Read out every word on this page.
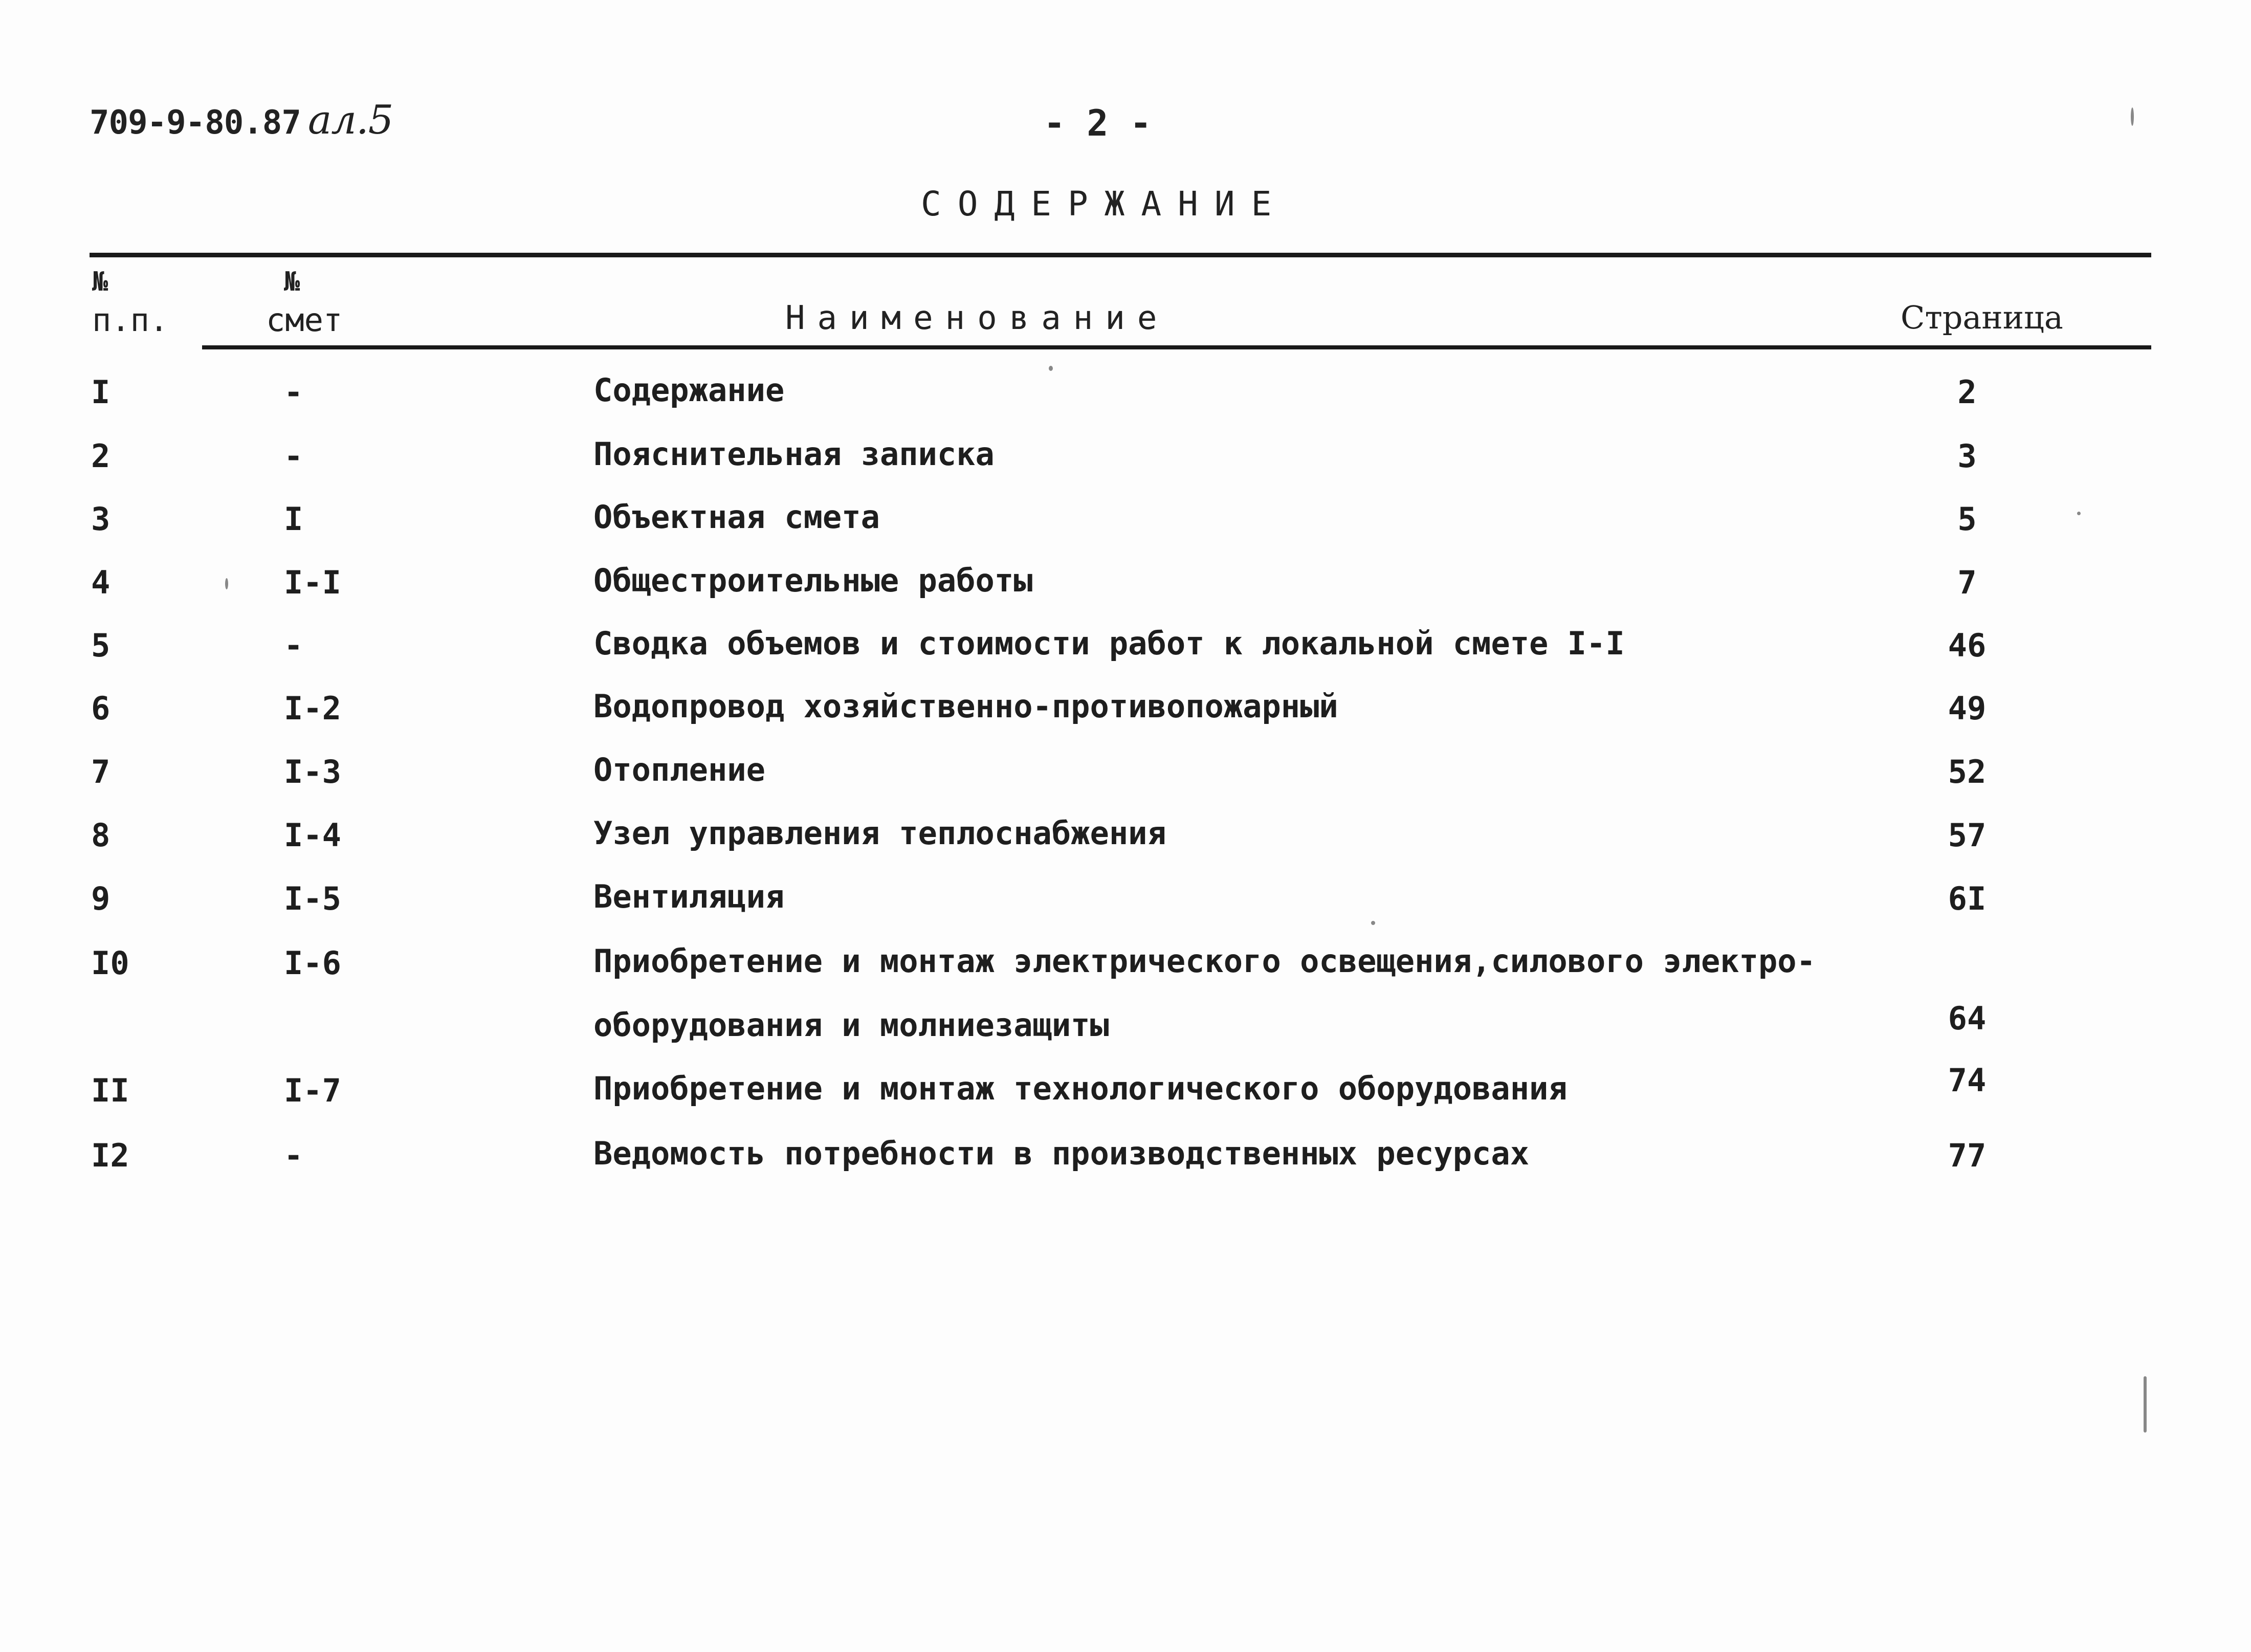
709-9-80.87 ал.5	- 2 -
СОДЕРЖАНИЕ
№
п.п.
№
смет	Наименование	Страница
I	-	Содержание	2
2	-	Пояснительная записка	3
3	I	Объектная смета	5
4	I-I	Общестроительные работы	7
5	-	Сводка объемов и стоимости работ к локальной смете I-I	46
6	I-2	Водопровод хозяйственно-противопожарный	49
7	I-3	Отопление	52
8	I-4	Узел управления теплоснабжения	57
9	I-5	Вентиляция	6I
I0	I-6	Приобретение и монтаж электрического освещения,силового электро-оборудования и молниезащиты	64
II	I-7	Приобретение и монтаж технологического оборудования	74
I2	-	Ведомость потребности в производственных ресурсах	77
